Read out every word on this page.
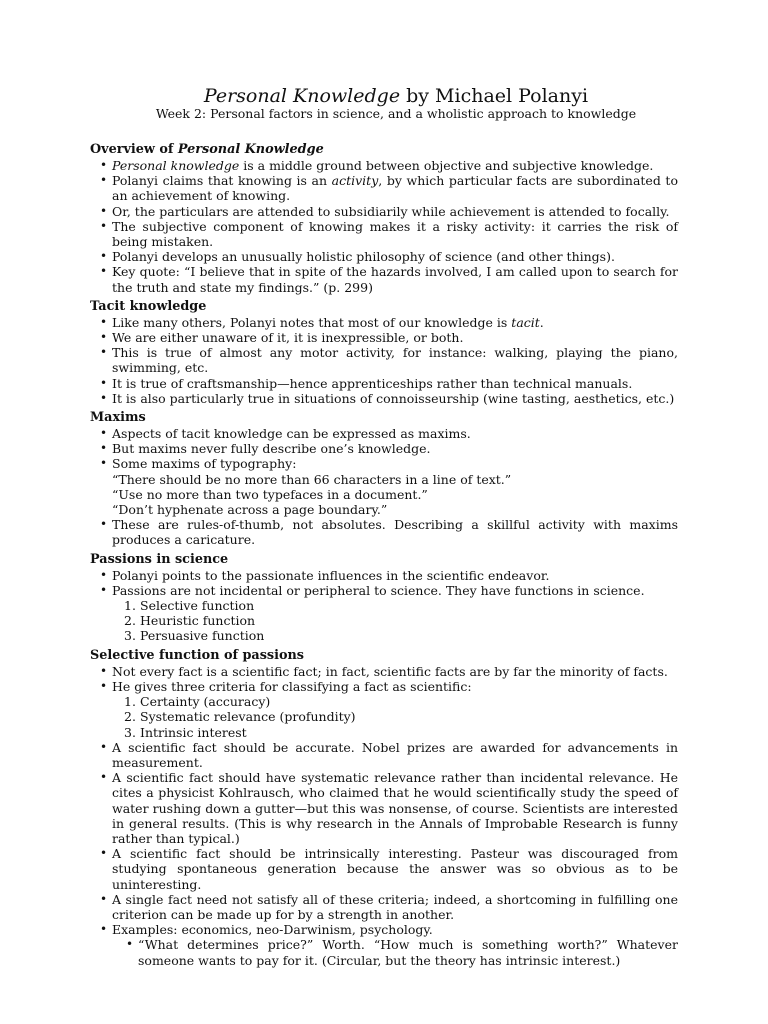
Personal Knowledge by Michael Polanyi
Week 2: Personal factors in science, and a wholistic approach to knowledge
Overview of Personal Knowledge
• Personal knowledge is a middle ground between objective and subjective knowledge.
• Polanyi claims that knowing is an activity, by which particular facts are subordinated to an achievement of knowing.
• Or, the particulars are attended to subsidiarily while achievement is attended to focally.
• The subjective component of knowing makes it a risky activity: it carries the risk of being mistaken.
• Polanyi develops an unusually holistic philosophy of science (and other things).
• Key quote: “I believe that in spite of the hazards involved, I am called upon to search for the truth and state my findings.” (p. 299)
Tacit knowledge
• Like many others, Polanyi notes that most of our knowledge is tacit.
• We are either unaware of it, it is inexpressible, or both.
• This is true of almost any motor activity, for instance: walking, playing the piano, swimming, etc.
• It is true of craftsmanship—hence apprenticeships rather than technical manuals.
• It is also particularly true in situations of connoisseurship (wine tasting, aesthetics, etc.)
Maxims
• Aspects of tacit knowledge can be expressed as maxims.
• But maxims never fully describe one’s knowledge.
• Some maxims of typography:
“There should be no more than 66 characters in a line of text.”
“Use no more than two typefaces in a document.”
“Don’t hyphenate across a page boundary.”
• These are rules-of-thumb, not absolutes. Describing a skillful activity with maxims produces a caricature.
Passions in science
• Polanyi points to the passionate influences in the scientific endeavor.
• Passions are not incidental or peripheral to science. They have functions in science.
1. Selective function
2. Heuristic function
3. Persuasive function
Selective function of passions
• Not every fact is a scientific fact; in fact, scientific facts are by far the minority of facts.
• He gives three criteria for classifying a fact as scientific:
1. Certainty (accuracy)
2. Systematic relevance (profundity)
3. Intrinsic interest
• A scientific fact should be accurate. Nobel prizes are awarded for advancements in measurement.
• A scientific fact should have systematic relevance rather than incidental relevance. He cites a physicist Kohlrausch, who claimed that he would scientifically study the speed of water rushing down a gutter—but this was nonsense, of course. Scientists are interested in general results. (This is why research in the Annals of Improbable Research is funny rather than typical.)
• A scientific fact should be intrinsically interesting. Pasteur was discouraged from studying spontaneous generation because the answer was so obvious as to be uninteresting.
• A single fact need not satisfy all of these criteria; indeed, a shortcoming in fulfilling one criterion can be made up for by a strength in another.
• Examples: economics, neo-Darwinism, psychology.
• “What determines price?” Worth. “How much is something worth?” Whatever someone wants to pay for it. (Circular, but the theory has intrinsic interest.)
